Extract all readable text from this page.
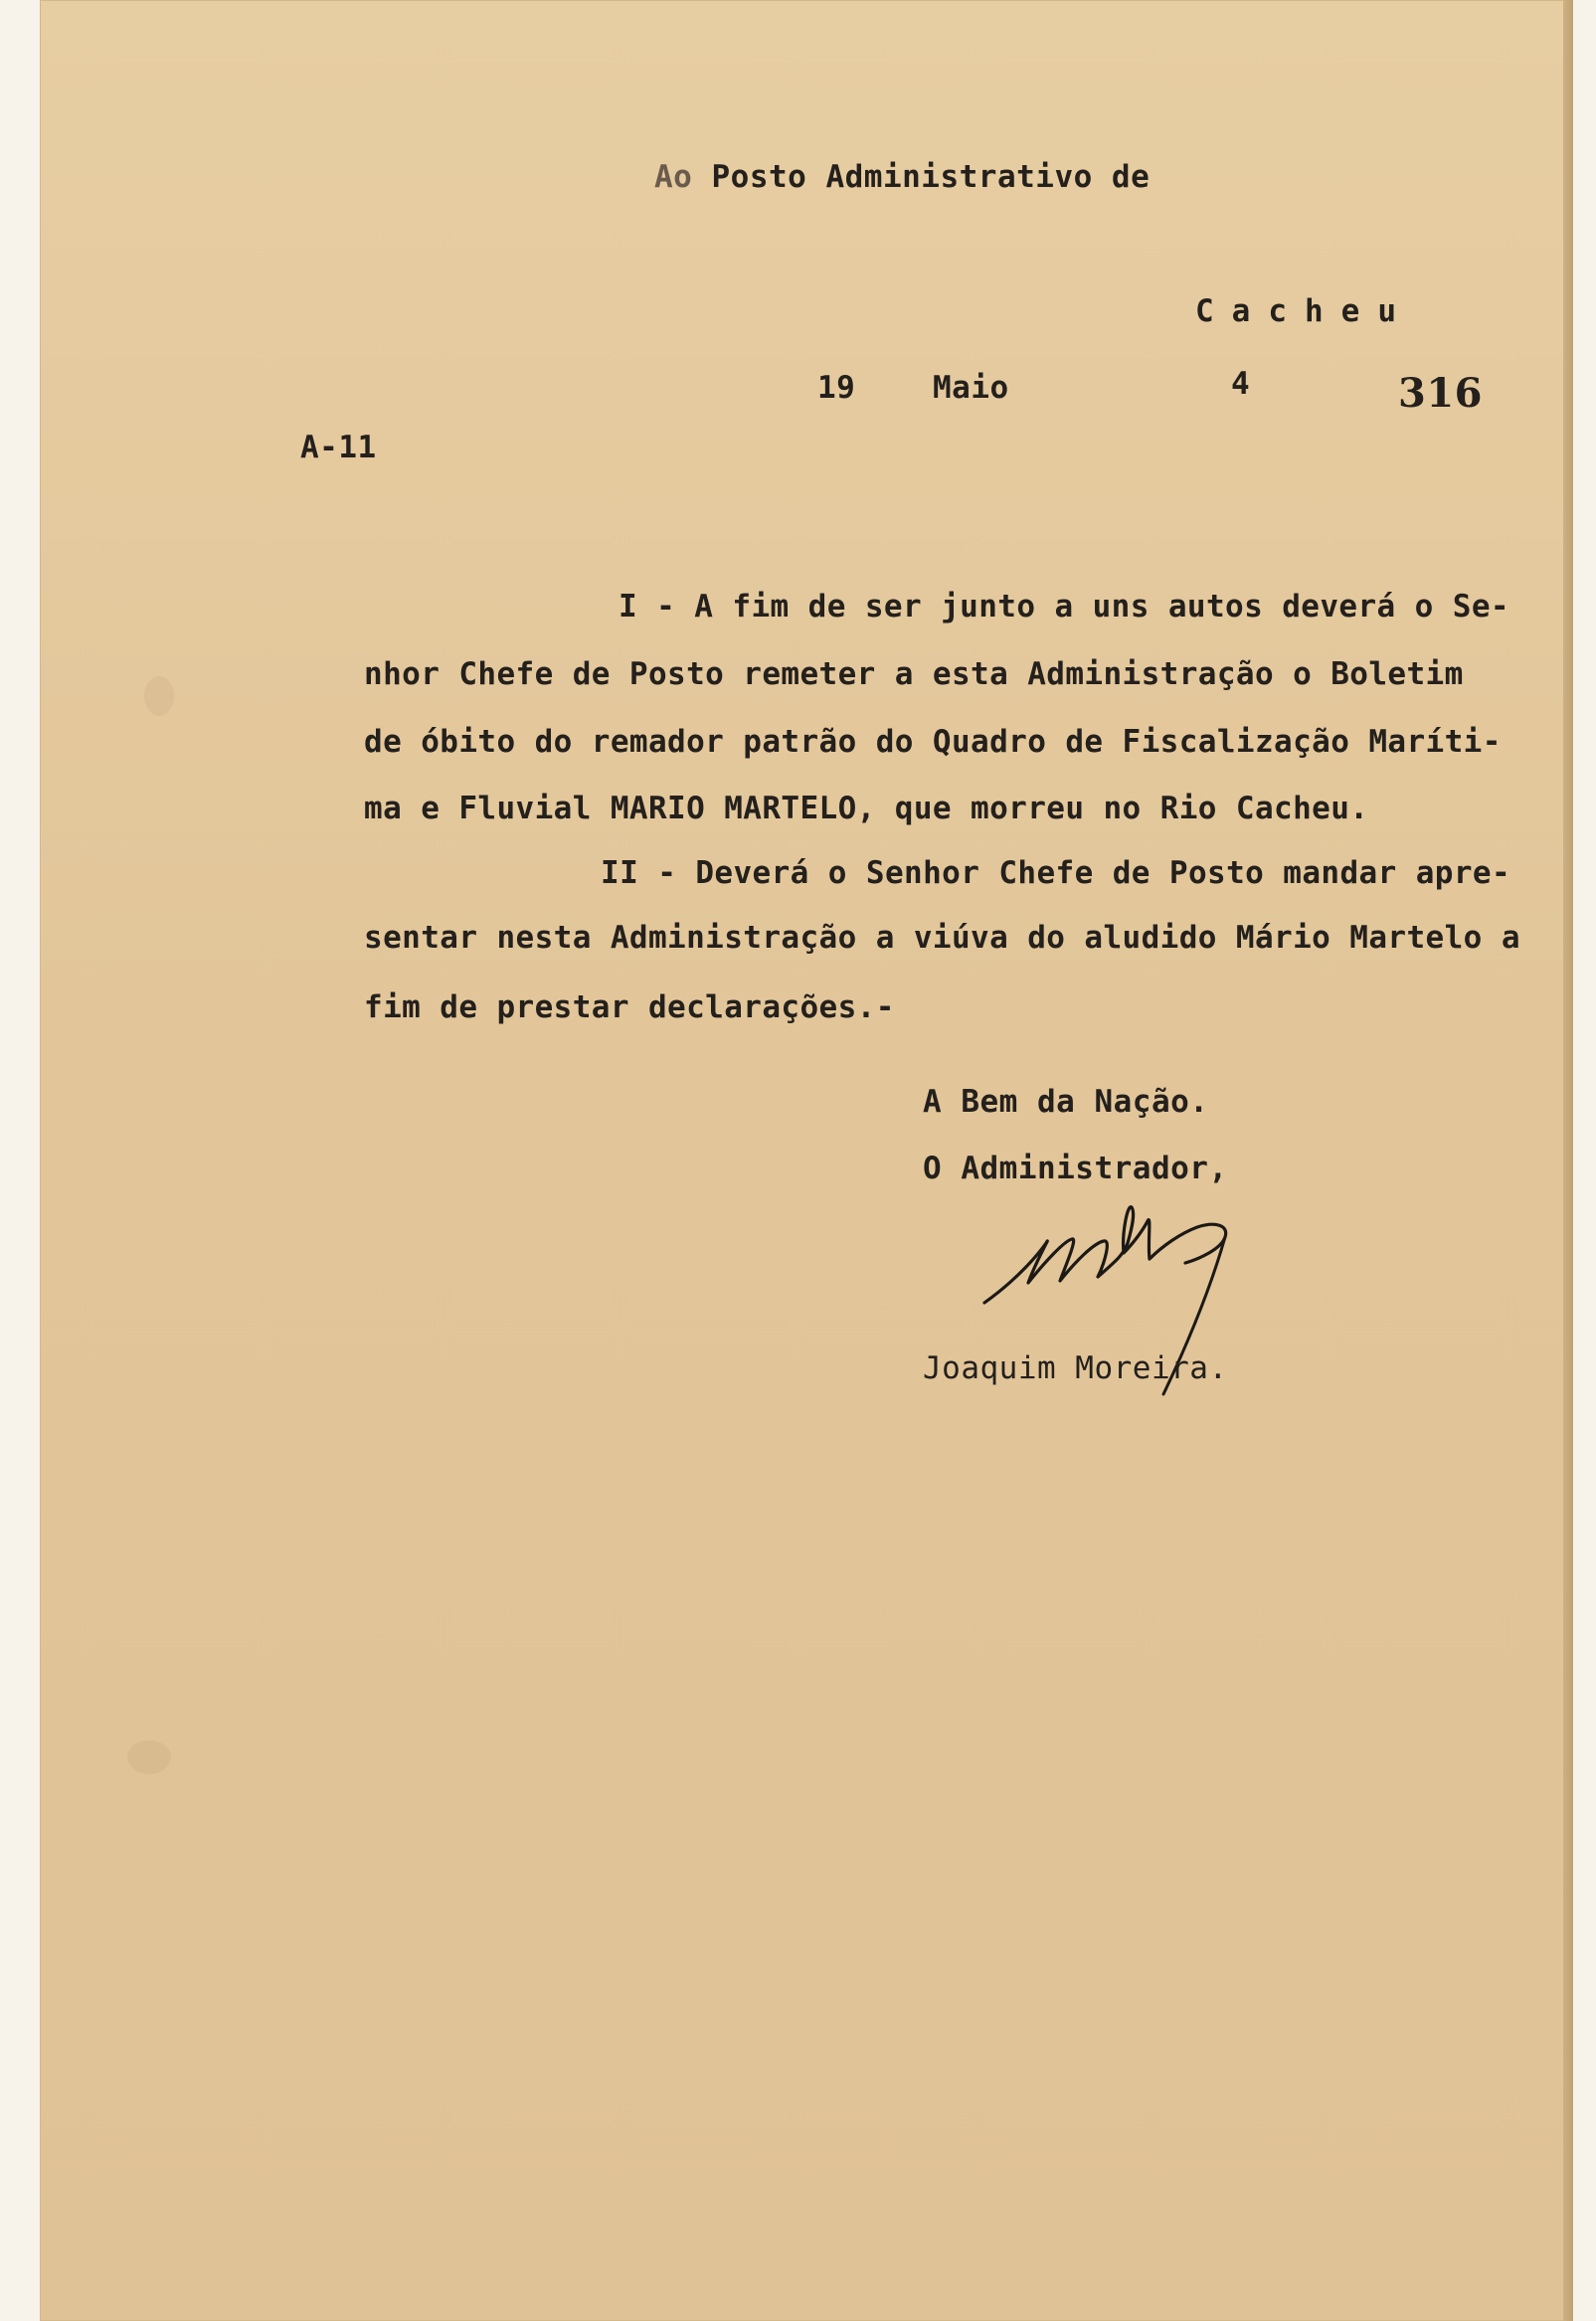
Ao Posto Administrativo de
Cacheu
19	Maio	4	316
A-11
I - A fim de ser junto a uns autos deverá o Se-
nhor Chefe de Posto remeter a esta Administração o Boletim
de óbito do remador patrão do Quadro de Fiscalização Maríti-
ma e Fluvial MARIO MARTELO, que morreu no Rio Cacheu.
II - Deverá o Senhor Chefe de Posto mandar apre-
sentar nesta Administração a viúva do aludido Mário Martelo a
fim de prestar declarações.-
A Bem da Nação.
O Administrador,
Joaquim Moreira.
